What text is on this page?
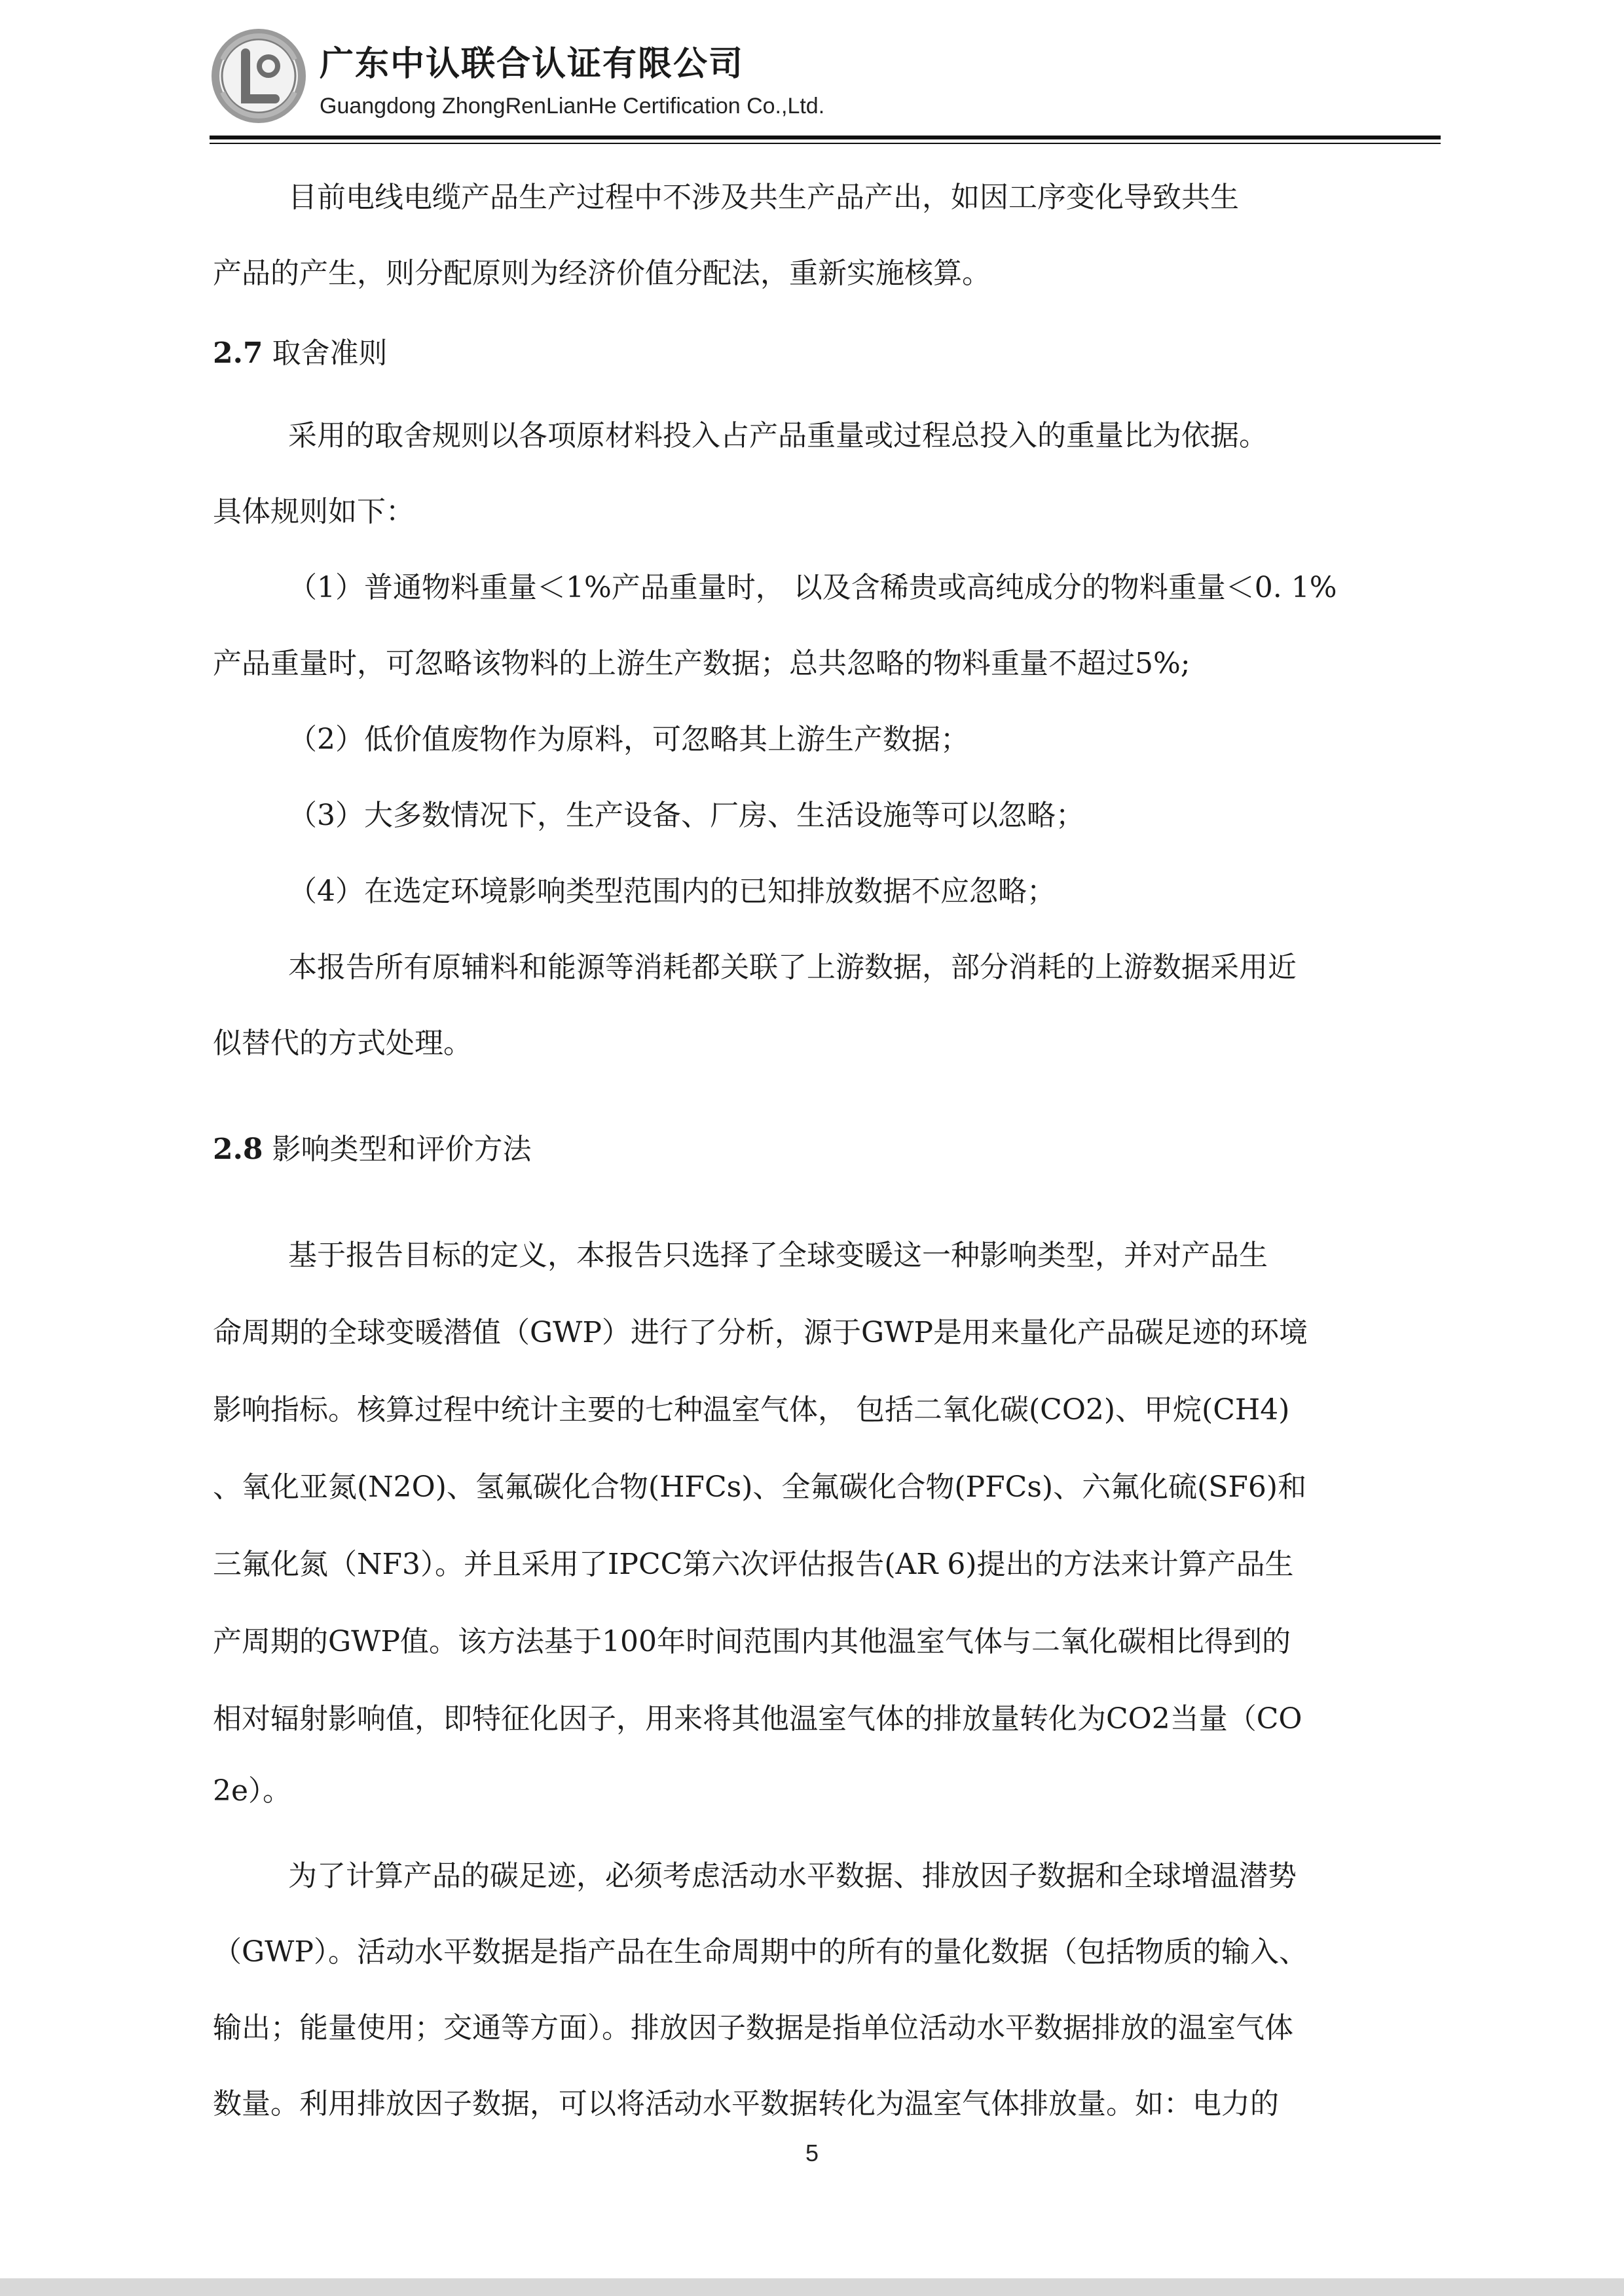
广东中认联合认证有限公司
Guangdong ZhongRenLianHe Certification Co.,Ltd.
目前电线电缆产品生产过程中不涉及共生产品产出，如因工序变化导致共生
产品的产生，则分配原则为经济价值分配法，重新实施核算。
2.7 取舍准则
采用的取舍规则以各项原材料投入占产品重量或过程总投入的重量比为依据。
具体规则如下：
（1）普通物料重量＜1%产品重量时， 以及含稀贵或高纯成分的物料重量＜0. 1%
产品重量时，可忽略该物料的上游生产数据；总共忽略的物料重量不超过5%;
（2）低价值废物作为原料，可忽略其上游生产数据；
（3）大多数情况下，生产设备、厂房、生活设施等可以忽略；
（4）在选定环境影响类型范围内的已知排放数据不应忽略；
本报告所有原辅料和能源等消耗都关联了上游数据，部分消耗的上游数据采用近
似替代的方式处理。
2.8 影响类型和评价方法
基于报告目标的定义，本报告只选择了全球变暖这一种影响类型，并对产品生
命周期的全球变暖潜值（GWP）进行了分析，源于GWP是用来量化产品碳足迹的环境
影响指标。核算过程中统计主要的七种温室气体， 包括二氧化碳(CO2)、甲烷(CH4)
、氧化亚氮(N2O)、氢氟碳化合物(HFCs)、全氟碳化合物(PFCs)、六氟化硫(SF6)和
三氟化氮（NF3）。并且采用了IPCC第六次评估报告(AR 6)提出的方法来计算产品生
产周期的GWP值。该方法基于100年时间范围内其他温室气体与二氧化碳相比得到的
相对辐射影响值，即特征化因子，用来将其他温室气体的排放量转化为CO2当量（CO
2e）。
为了计算产品的碳足迹，必须考虑活动水平数据、排放因子数据和全球增温潜势
（GWP）。活动水平数据是指产品在生命周期中的所有的量化数据（包括物质的输入、
输出；能量使用；交通等方面）。排放因子数据是指单位活动水平数据排放的温室气体
数量。利用排放因子数据，可以将活动水平数据转化为温室气体排放量。如：电力的
5
